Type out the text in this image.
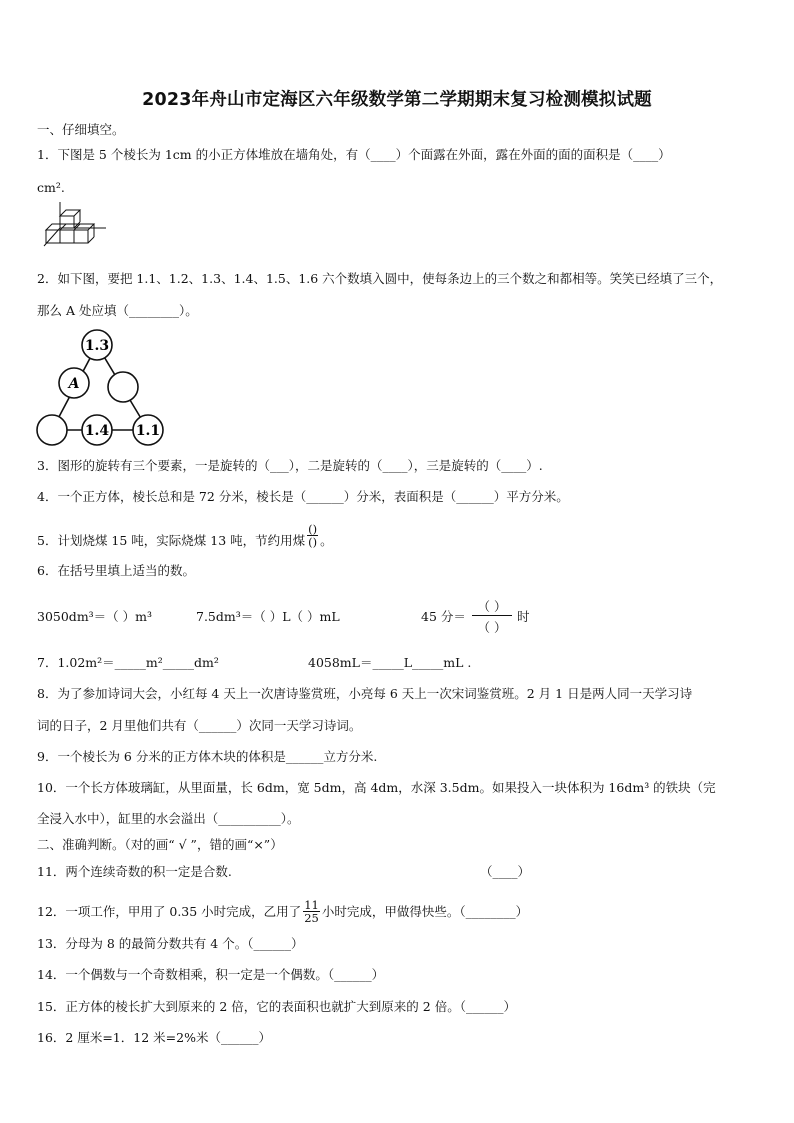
2023年舟山市定海区六年级数学第二学期期末复习检测模拟试题
一、仔细填空。
1．下图是 5 个棱长为 1cm 的小正方体堆放在墙角处，有（____）个面露在外面，露在外面的面的面积是（____）
cm².
2．如下图，要把 1.1、1.2、1.3、1.4、1.5、1.6 六个数填入圆中，使每条边上的三个数之和都相等。笑笑已经填了三个，
那么 A 处应填（________）。
1.3
A
1.4 1.1
3．图形的旋转有三个要素，一是旋转的（___），二是旋转的（____），三是旋转的（____）.
4．一个正方体，棱长总和是 72 分米，棱长是（______）分米，表面积是（______）平方分米。
5．计划烧煤 15 吨，实际烧煤 13 吨，节约用煤 $\frac{()}{()}$ 。
6．在括号里填上适当的数。
3050dm³＝（ ）m³	7.5dm³＝（ ）L（ ）mL	45 分＝
（ ）
（ ）
时
7．1.02m²＝_____m²_____dm²	4058mL＝_____L_____mL .
8．为了参加诗词大会，小红每 4 天上一次唐诗鉴赏班，小亮每 6 天上一次宋词鉴赏班。2 月 1 日是两人同一天学习诗
词的日子，2 月里他们共有（______）次同一天学习诗词。
9．一个棱长为 6 分米的正方体木块的体积是______立方分米.
10．一个长方体玻璃缸，从里面量，长 6dm，宽 5dm，高 4dm，水深 3.5dm。如果投入一块体积为 16dm³ 的铁块（完
全浸入水中），缸里的水会溢出（__________）。
二、准确判断。（对的画“ √ ”，错的画“×”）
11．两个连续奇数的积一定是合数.	（____）
12．一项工作，甲用了 0.35 小时完成，乙用了 $\frac{11}{25}$ 小时完成，甲做得快些。（________）
13．分母为 8 的最简分数共有 4 个。（______）
14．一个偶数与一个奇数相乘，积一定是一个偶数。（______）
15．正方体的棱长扩大到原来的 2 倍，它的表面积也就扩大到原来的 2 倍。（______）
16．2 厘米=1．12 米=2%米（______）
